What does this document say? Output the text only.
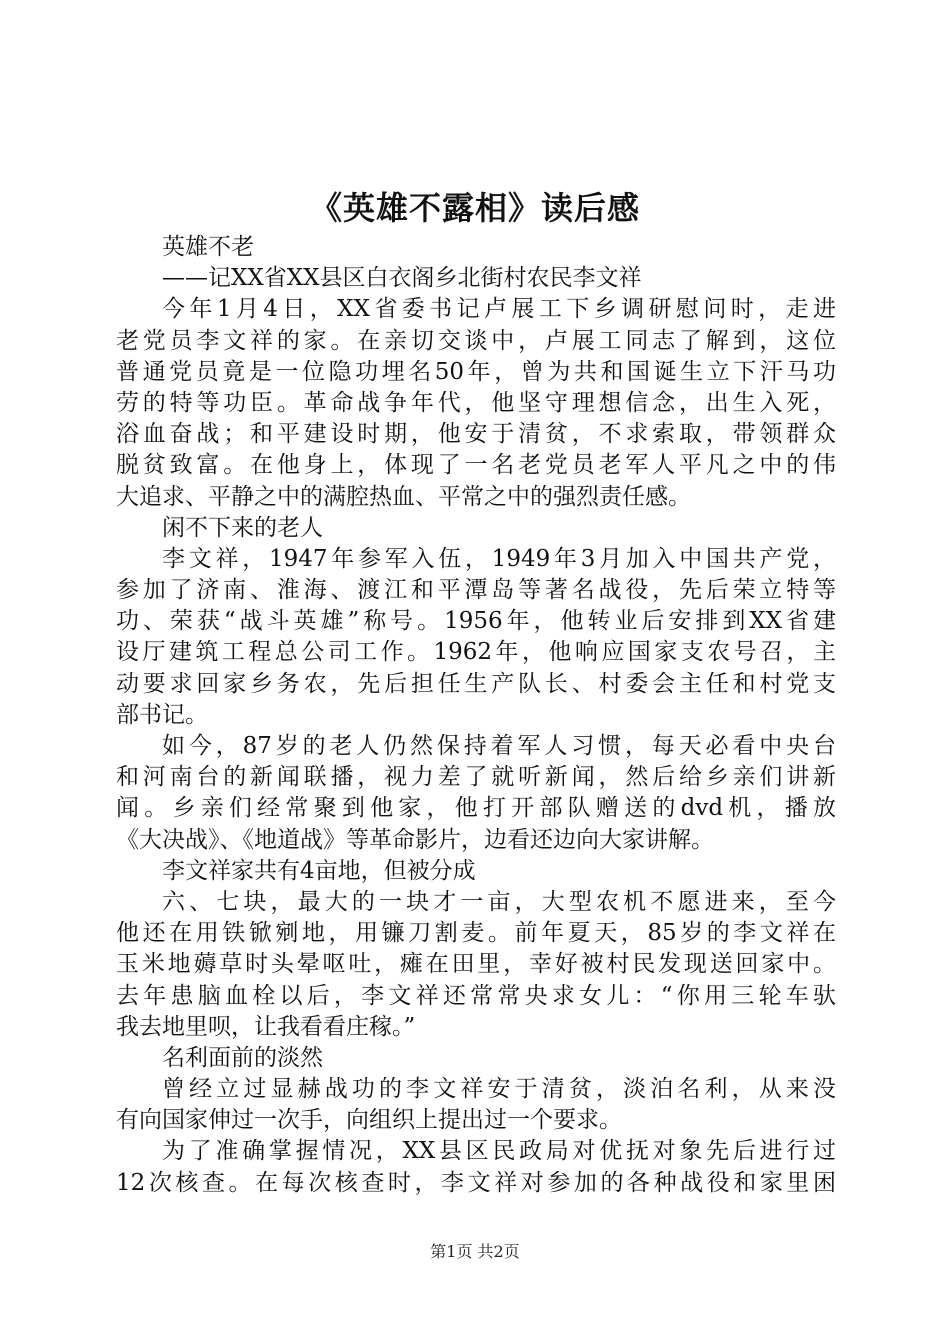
《英雄不露相》读后感
英雄不老
——记XX省XX县区白衣阁乡北街村农民李文祥
今年1月4日，XX省委书记卢展工下乡调研慰问时，走进
老党员李文祥的家。在亲切交谈中，卢展工同志了解到，这位
普通党员竟是一位隐功埋名50年，曾为共和国诞生立下汗马功
劳的特等功臣。革命战争年代，他坚守理想信念，出生入死，
浴血奋战；和平建设时期，他安于清贫，不求索取，带领群众
脱贫致富。在他身上，体现了一名老党员老军人平凡之中的伟
大追求、平静之中的满腔热血、平常之中的强烈责任感。
闲不下来的老人
李文祥，1947年参军入伍，1949年3月加入中国共产党，
参加了济南、淮海、渡江和平潭岛等著名战役，先后荣立特等
功、荣获“战斗英雄”称号。1956年，他转业后安排到XX省建
设厅建筑工程总公司工作。1962年，他响应国家支农号召，主
动要求回家乡务农，先后担任生产队长、村委会主任和村党支
部书记。
如今，87岁的老人仍然保持着军人习惯，每天必看中央台
和河南台的新闻联播，视力差了就听新闻，然后给乡亲们讲新
闻。乡亲们经常聚到他家，他打开部队赠送的dvd机，播放
《大决战》、《地道战》等革命影片，边看还边向大家讲解。
李文祥家共有4亩地，但被分成
六、七块，最大的一块才一亩，大型农机不愿进来，至今
他还在用铁锨剜地，用镰刀割麦。前年夏天，85岁的李文祥在
玉米地薅草时头晕呕吐，瘫在田里，幸好被村民发现送回家中。
去年患脑血栓以后，李文祥还常常央求女儿：“你用三轮车驮
我去地里呗，让我看看庄稼。”
名利面前的淡然
曾经立过显赫战功的李文祥安于清贫，淡泊名利，从来没
有向国家伸过一次手，向组织上提出过一个要求。
为了准确掌握情况，XX县区民政局对优抚对象先后进行过
12次核查。在每次核查时，李文祥对参加的各种战役和家里困
第1页 共2页
